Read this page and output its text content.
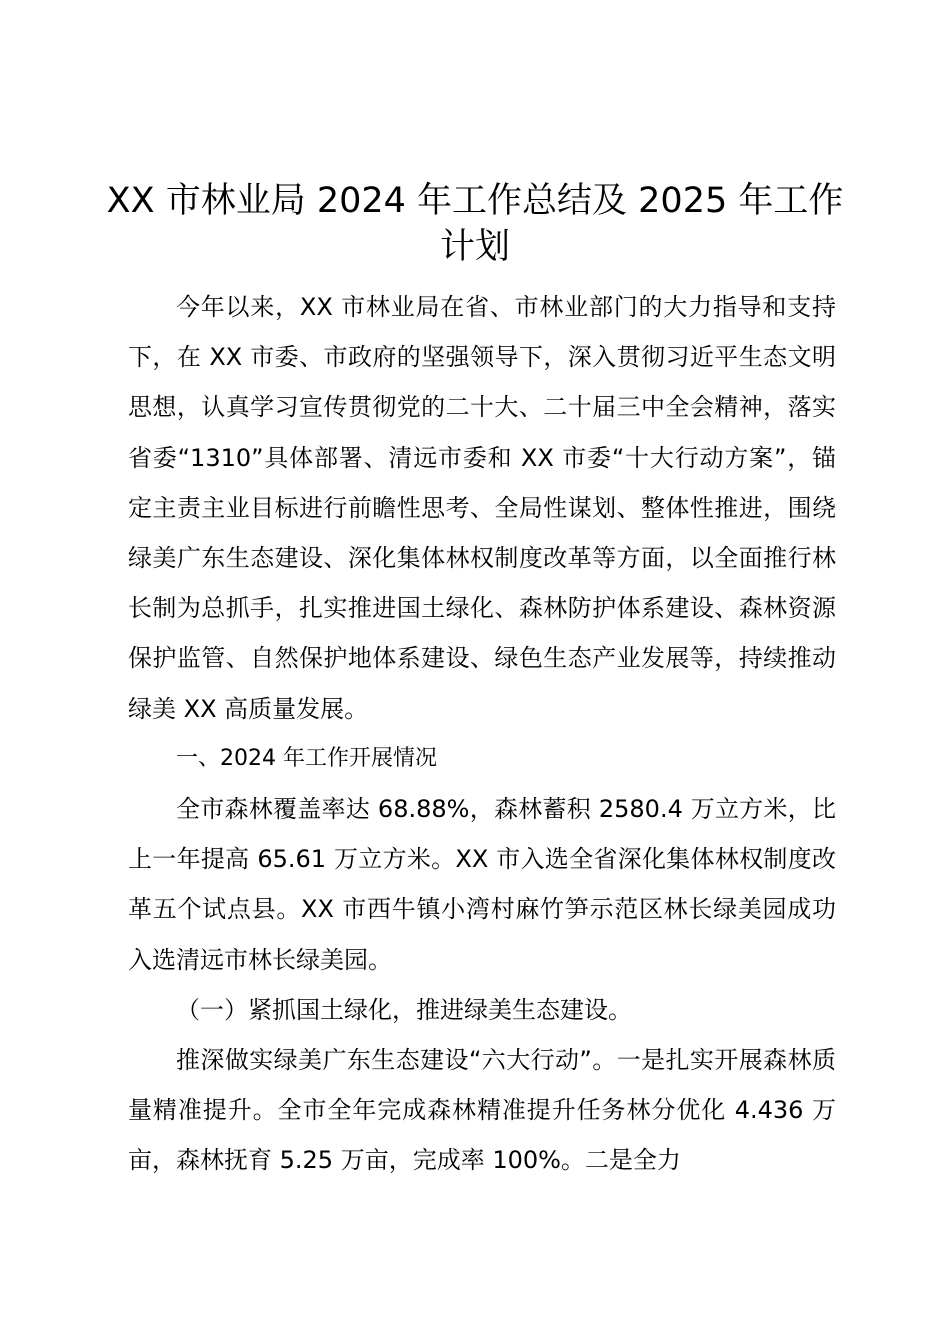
XX 市林业局 2024 年工作总结及 2025 年工作计划

今年以来，XX 市林业局在省、市林业部门的大力指导和支持下，在 XX 市委、市政府的坚强领导下，深入贯彻习近平生态文明思想，认真学习宣传贯彻党的二十大、二十届三中全会精神，落实省委“1310”具体部署、清远市委和 XX 市委“十大行动方案”，锚定主责主业目标进行前瞻性思考、全局性谋划、整体性推进，围绕绿美广东生态建设、深化集体林权制度改革等方面，以全面推行林长制为总抓手，扎实推进国土绿化、森林防护体系建设、森林资源保护监管、自然保护地体系建设、绿色生态产业发展等，持续推动绿美 XX 高质量发展。

一、2024 年工作开展情况

全市森林覆盖率达 68.88%，森林蓄积 2580.4 万立方米，比上一年提高 65.61 万立方米。XX 市入选全省深化集体林权制度改革五个试点县。XX 市西牛镇小湾村麻竹笋示范区林长绿美园成功入选清远市林长绿美园。

（一）紧抓国土绿化，推进绿美生态建设。

推深做实绿美广东生态建设“六大行动”。一是扎实开展森林质量精准提升。全市全年完成森林精准提升任务林分优化 4.436 万亩，森林抚育 5.25 万亩，完成率 100%。二是全力
